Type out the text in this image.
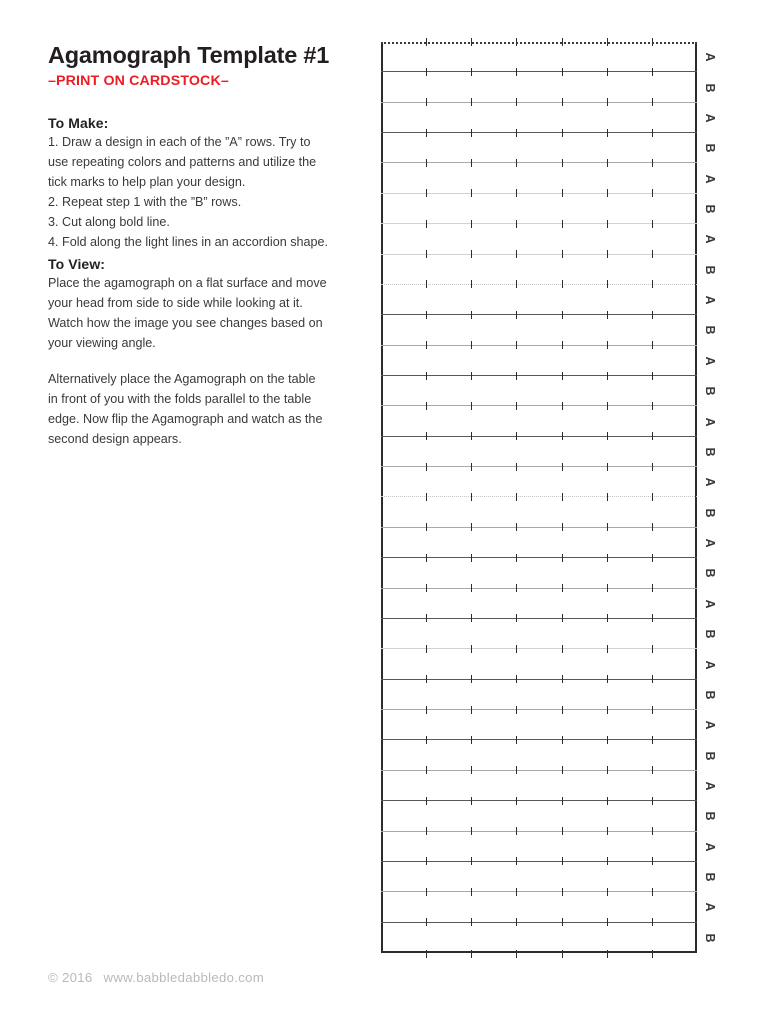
Agamograph Template #1
–PRINT ON CARDSTOCK–
To Make:
1. Draw a design in each of the ”A” rows. Try to
use repeating colors and patterns and utilize the
tick marks to help plan your design.
2. Repeat step 1 with the ”B” rows.
3. Cut along bold line.
4. Fold along the light lines in an accordion shape.
To View:
Place the agamograph on a flat surface and move
your head from side to side while looking at it.
Watch how the image you see changes based on
your viewing angle.
Alternatively place the Agamograph on the table
in front of you with the folds parallel to the table
edge. Now flip the Agamograph and watch as the
second design appears.
© 2016 www.babbledabbledo.com
A
B
A
B
A
B
A
B
A
B
A
B
A
B
A
B
A
B
A
B
A
B
A
B
A
B
A
B
A
B
